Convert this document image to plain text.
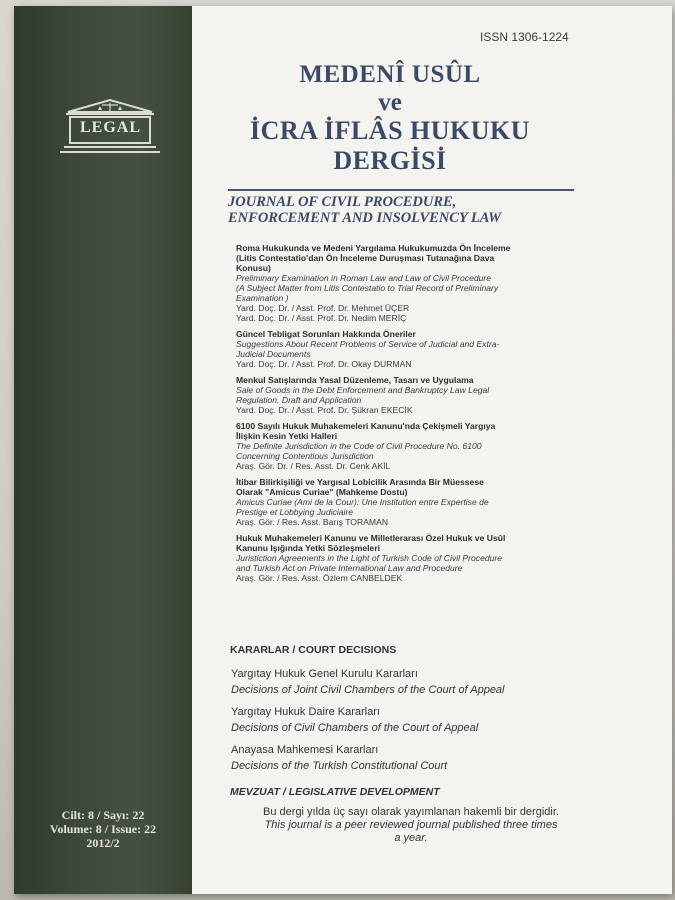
LEGAL
ISSN 1306-1224
MEDENÎ USÛL
ve
İCRA İFLÂS HUKUKU
DERGİSİ
JOURNAL OF CIVIL PROCEDURE,
ENFORCEMENT AND INSOLVENCY LAW
Roma Hukukunda ve Medeni Yargılama Hukukumuzda Ön İnceleme
(Litis Contestatio'dan Ön İnceleme Duruşması Tutanağına Dava
Konusu)
Preliminary Examination in Roman Law and Law of Civil Procedure
(A Subject Matter from Litis Contestatio to Trial Record of Preliminary
Examination )
Yard. Doç. Dr. / Asst. Prof. Dr. Mehmet ÜÇER
Yard. Doç. Dr. / Asst. Prof. Dr. Nedim MERİÇ
Güncel Tebligat Sorunları Hakkında Öneriler
Suggestions About Recent Problems of Service of Judicial and Extra-
Judicial Documents
Yard. Doç. Dr. / Asst. Prof. Dr. Okay DURMAN
Menkul Satışlarında Yasal Düzenleme, Tasarı ve Uygulama
Sale of Goods in the Debt Enforcement and Bankruptcy Law Legal
Regulation, Draft and Application
Yard. Doç. Dr. / Asst. Prof. Dr. Şükran EKECİK
6100 Sayılı Hukuk Muhakemeleri Kanunu'nda Çekişmeli Yargıya
İlişkin Kesin Yetki Halleri
The Definite Jurisdiction in the Code of Civil Procedure No. 6100
Concerning Contentious Jurisdiction
Araş. Gör. Dr. / Res. Asst. Dr. Cenk AKİL
İtibar Bilirkişiliği ve Yargısal Lobicilik Arasında Bir Müessese
Olarak "Amicus Curiae" (Mahkeme Dostu)
Amicus Curiae (Ami de la Cour): Une Institution entre Expertise de
Prestige et Lobbying Judiciaire
Araş. Gör. / Res. Asst. Barış TORAMAN
Hukuk Muhakemeleri Kanunu ve Milletlerarası Özel Hukuk ve Usûl
Kanunu Işığında Yetki Sözleşmeleri
Juristiction Agreements in the Light of Turkish Code of Civil Procedure
and Turkish Act on Private International Law and Procedure
Araş. Gör. / Res. Asst. Özlem CANBELDEK
KARARLAR / COURT DECISIONS
Yargıtay Hukuk Genel Kurulu Kararları
Decisions of Joint Civil Chambers of the Court of Appeal
Yargıtay Hukuk Daire Kararları
Decisions of Civil Chambers of the Court of Appeal
Anayasa Mahkemesi Kararları
Decisions of the Turkish Constitutional Court
MEVZUAT / LEGISLATIVE DEVELOPMENT
Bu dergi yılda üç sayı olarak yayımlanan hakemli bir dergidir.
This journal is a peer reviewed journal published three times
a year.
Cilt: 8 / Sayı: 22
Volume: 8 / Issue: 22
2012/2
